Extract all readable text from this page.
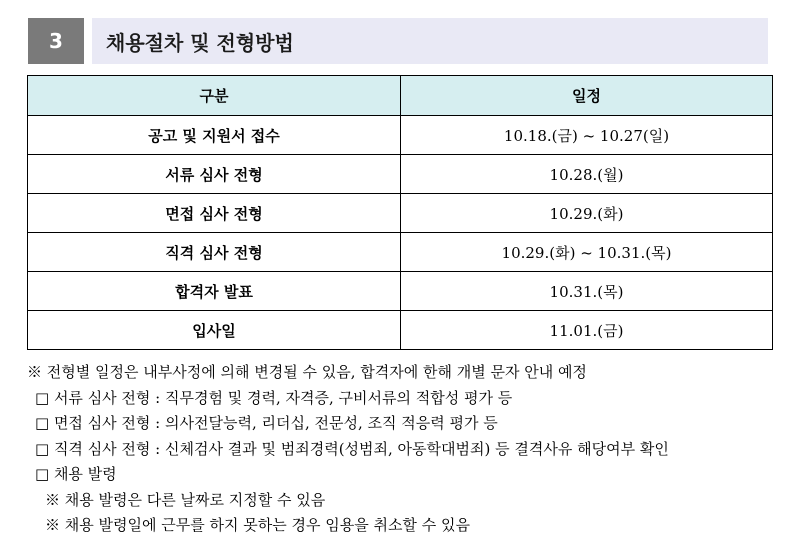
3	채용절차 및 전형방법
구분	일정
공고 및 지원서 접수	10.18.(금) ~ 10.27(일)
서류 심사 전형	10.28.(월)
면접 심사 전형	10.29.(화)
직격 심사 전형	10.29.(화) ~ 10.31.(목)
합격자 발표	10.31.(목)
입사일	11.01.(금)
※ 전형별 일정은 내부사정에 의해 변경될 수 있음, 합격자에 한해 개별 문자 안내 예정
□ 서류 심사 전형 : 직무경험 및 경력, 자격증, 구비서류의 적합성 평가 등
□ 면접 심사 전형 : 의사전달능력, 리더십, 전문성, 조직 적응력 평가 등
□ 직격 심사 전형 : 신체검사 결과 및 범죄경력(성범죄, 아동학대범죄) 등 결격사유 해당여부 확인
□ 채용 발령
※ 채용 발령은 다른 날짜로 지정할 수 있음
※ 채용 발령일에 근무를 하지 못하는 경우 임용을 취소할 수 있음
